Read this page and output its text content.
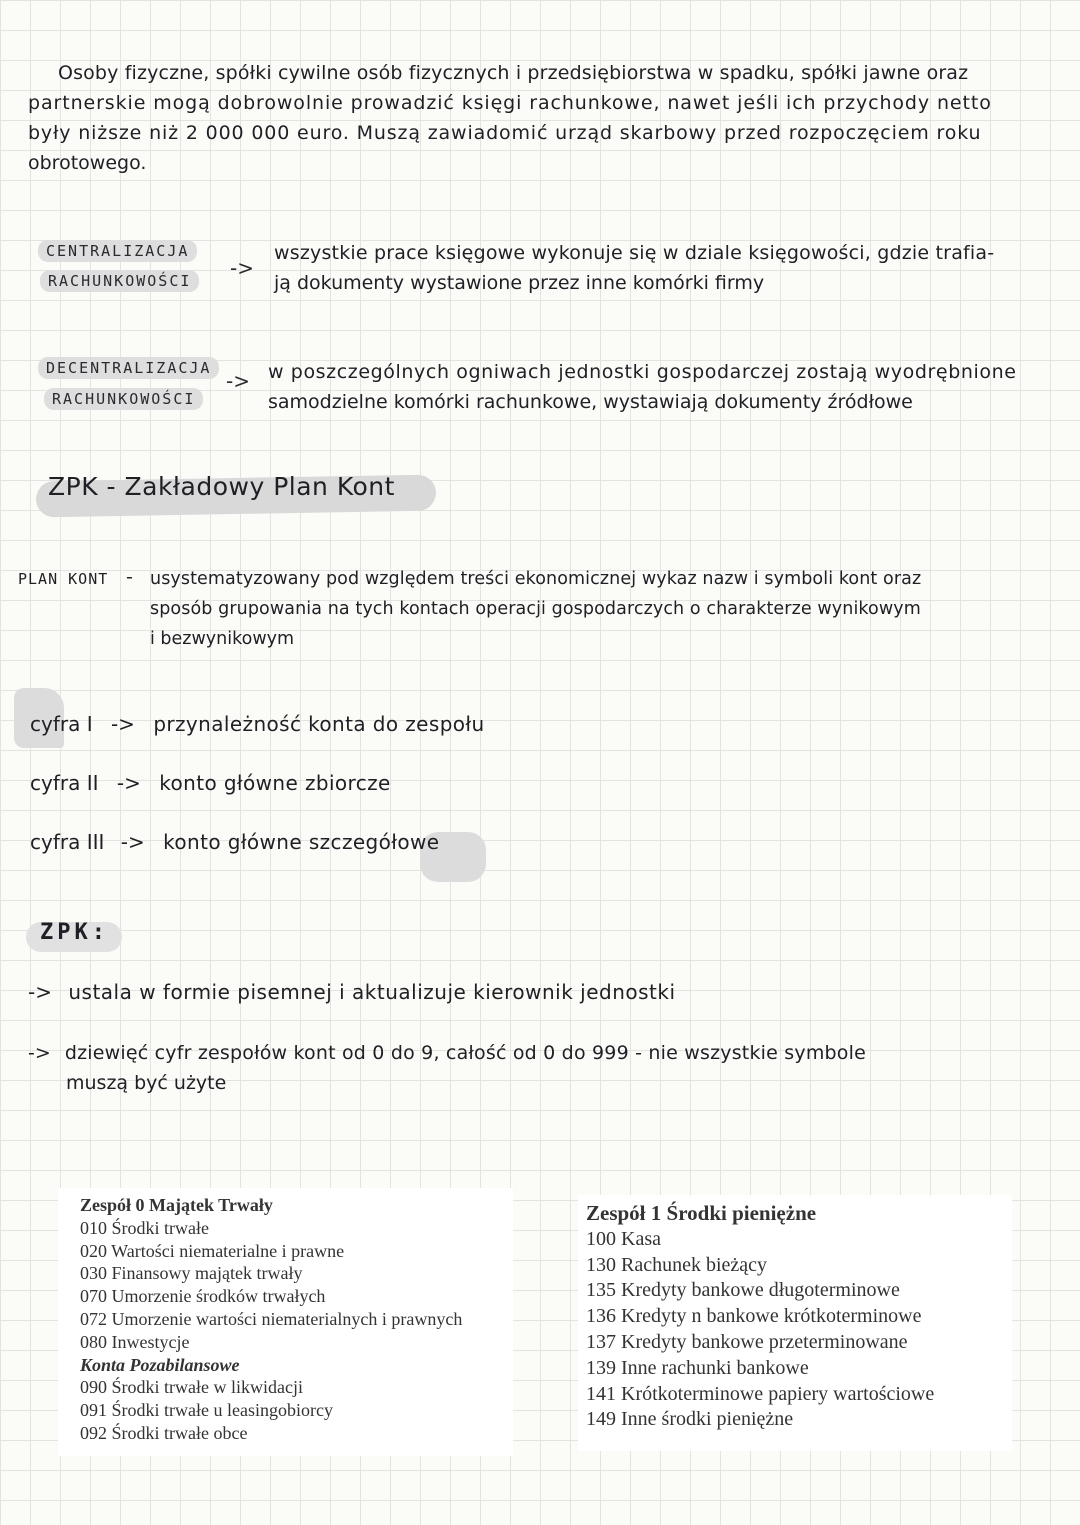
Osoby fizyczne, spółki cywilne osób fizycznych i przedsiębiorstwa w spadku, spółki jawne oraz
partnerskie mogą dobrowolnie prowadzić księgi rachunkowe, nawet jeśli ich przychody netto
były niższe niż 2 000 000 euro. Muszą zawiadomić urząd skarbowy przed rozpoczęciem roku
obrotowego.
CENTRALIZACJA
RACHUNKOWOŚCI
->
wszystkie prace księgowe wykonuje się w dziale księgowości, gdzie trafia-
ją dokumenty wystawione przez inne komórki firmy
DECENTRALIZACJA
RACHUNKOWOŚCI
-> w poszczególnych ogniwach jednostki gospodarczej zostają wyodrębnione
samodzielne komórki rachunkowe, wystawiają dokumenty źródłowe
ZPK - Zakładowy Plan Kont
PLAN KONT - usystematyzowany pod względem treści ekonomicznej wykaz nazw i symboli kont oraz
sposób grupowania na tych kontach operacji gospodarczych o charakterze wynikowym
i bezwynikowym
cyfra I -> przynależność konta do zespołu
cyfra II -> konto główne zbiorcze
cyfra III -> konto główne szczegółowe
ZPK:
-> ustala w formie pisemnej i aktualizuje kierownik jednostki
-> dziewięć cyfr zespołów kont od 0 do 9, całość od 0 do 999 - nie wszystkie symbole
muszą być użyte
Zespół 0 Majątek Trwały
010 Środki trwałe
020 Wartości niematerialne i prawne
030 Finansowy majątek trwały
070 Umorzenie środków trwałych
072 Umorzenie wartości niematerialnych i prawnych
080 Inwestycje
Konta Pozabilansowe
090 Środki trwałe w likwidacji
091 Środki trwałe u leasingobiorcy
092 Środki trwałe obce
Zespół 1 Środki pieniężne
100 Kasa
130 Rachunek bieżący
135 Kredyty bankowe długoterminowe
136 Kredyty n bankowe krótkoterminowe
137 Kredyty bankowe przeterminowane
139 Inne rachunki bankowe
141 Krótkoterminowe papiery wartościowe
149 Inne środki pieniężne
